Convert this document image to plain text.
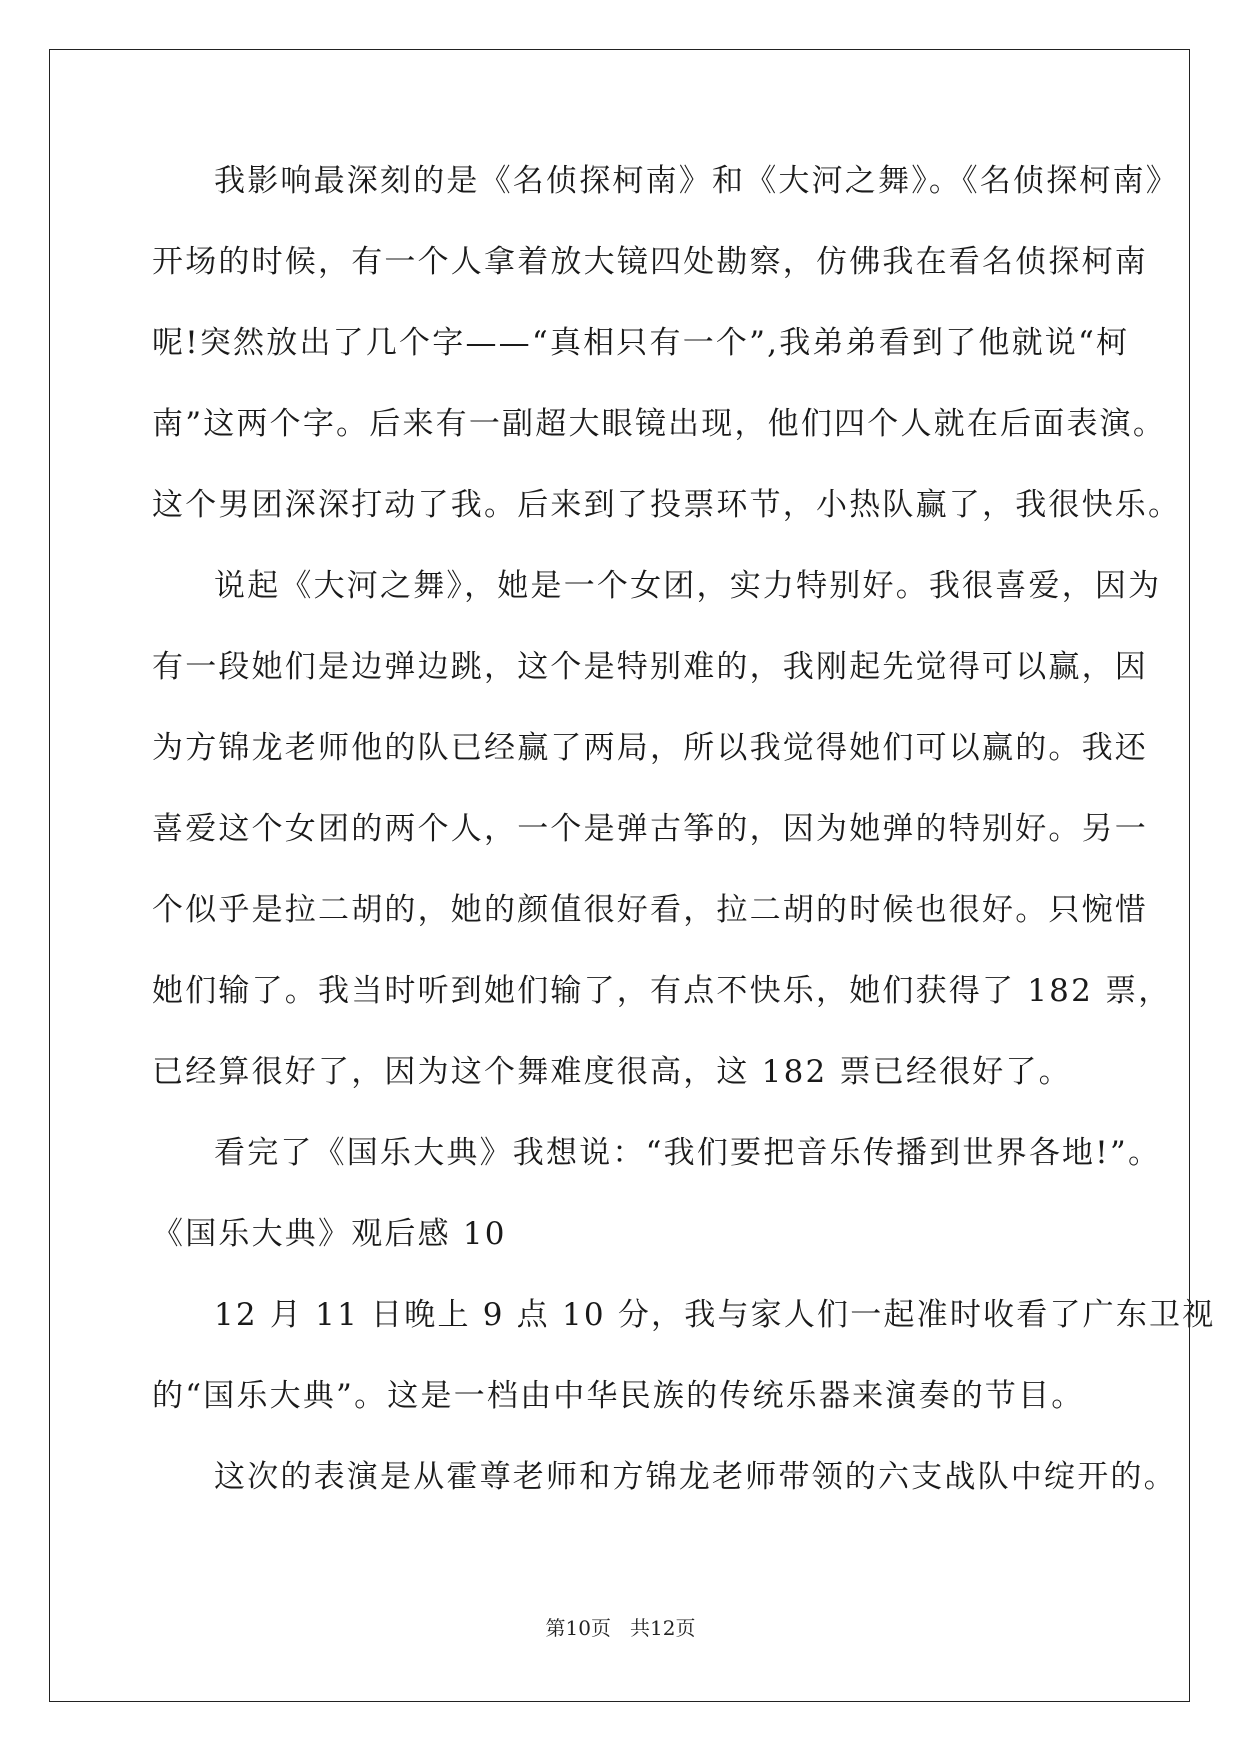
我影响最深刻的是《名侦探柯南》和《大河之舞》。《名侦探柯南》
开场的时候，有一个人拿着放大镜四处勘察，仿佛我在看名侦探柯南
呢!突然放出了几个字——“真相只有一个”,我弟弟看到了他就说“柯
南”这两个字。后来有一副超大眼镜出现，他们四个人就在后面表演。
这个男团深深打动了我。后来到了投票环节，小热队赢了，我很快乐。
说起《大河之舞》，她是一个女团，实力特别好。我很喜爱，因为
有一段她们是边弹边跳，这个是特别难的，我刚起先觉得可以赢，因
为方锦龙老师他的队已经赢了两局，所以我觉得她们可以赢的。我还
喜爱这个女团的两个人，一个是弹古筝的，因为她弹的特别好。另一
个似乎是拉二胡的，她的颜值很好看，拉二胡的时候也很好。只惋惜
她们输了。我当时听到她们输了，有点不快乐，她们获得了 182 票，
已经算很好了，因为这个舞难度很高，这 182 票已经很好了。
看完了《国乐大典》我想说：“我们要把音乐传播到世界各地!”。
《国乐大典》观后感 10
12 月 11 日晚上 9 点 10 分，我与家人们一起准时收看了广东卫视
的“国乐大典”。这是一档由中华民族的传统乐器来演奏的节目。
这次的表演是从霍尊老师和方锦龙老师带领的六支战队中绽开的。
第10页   共12页
